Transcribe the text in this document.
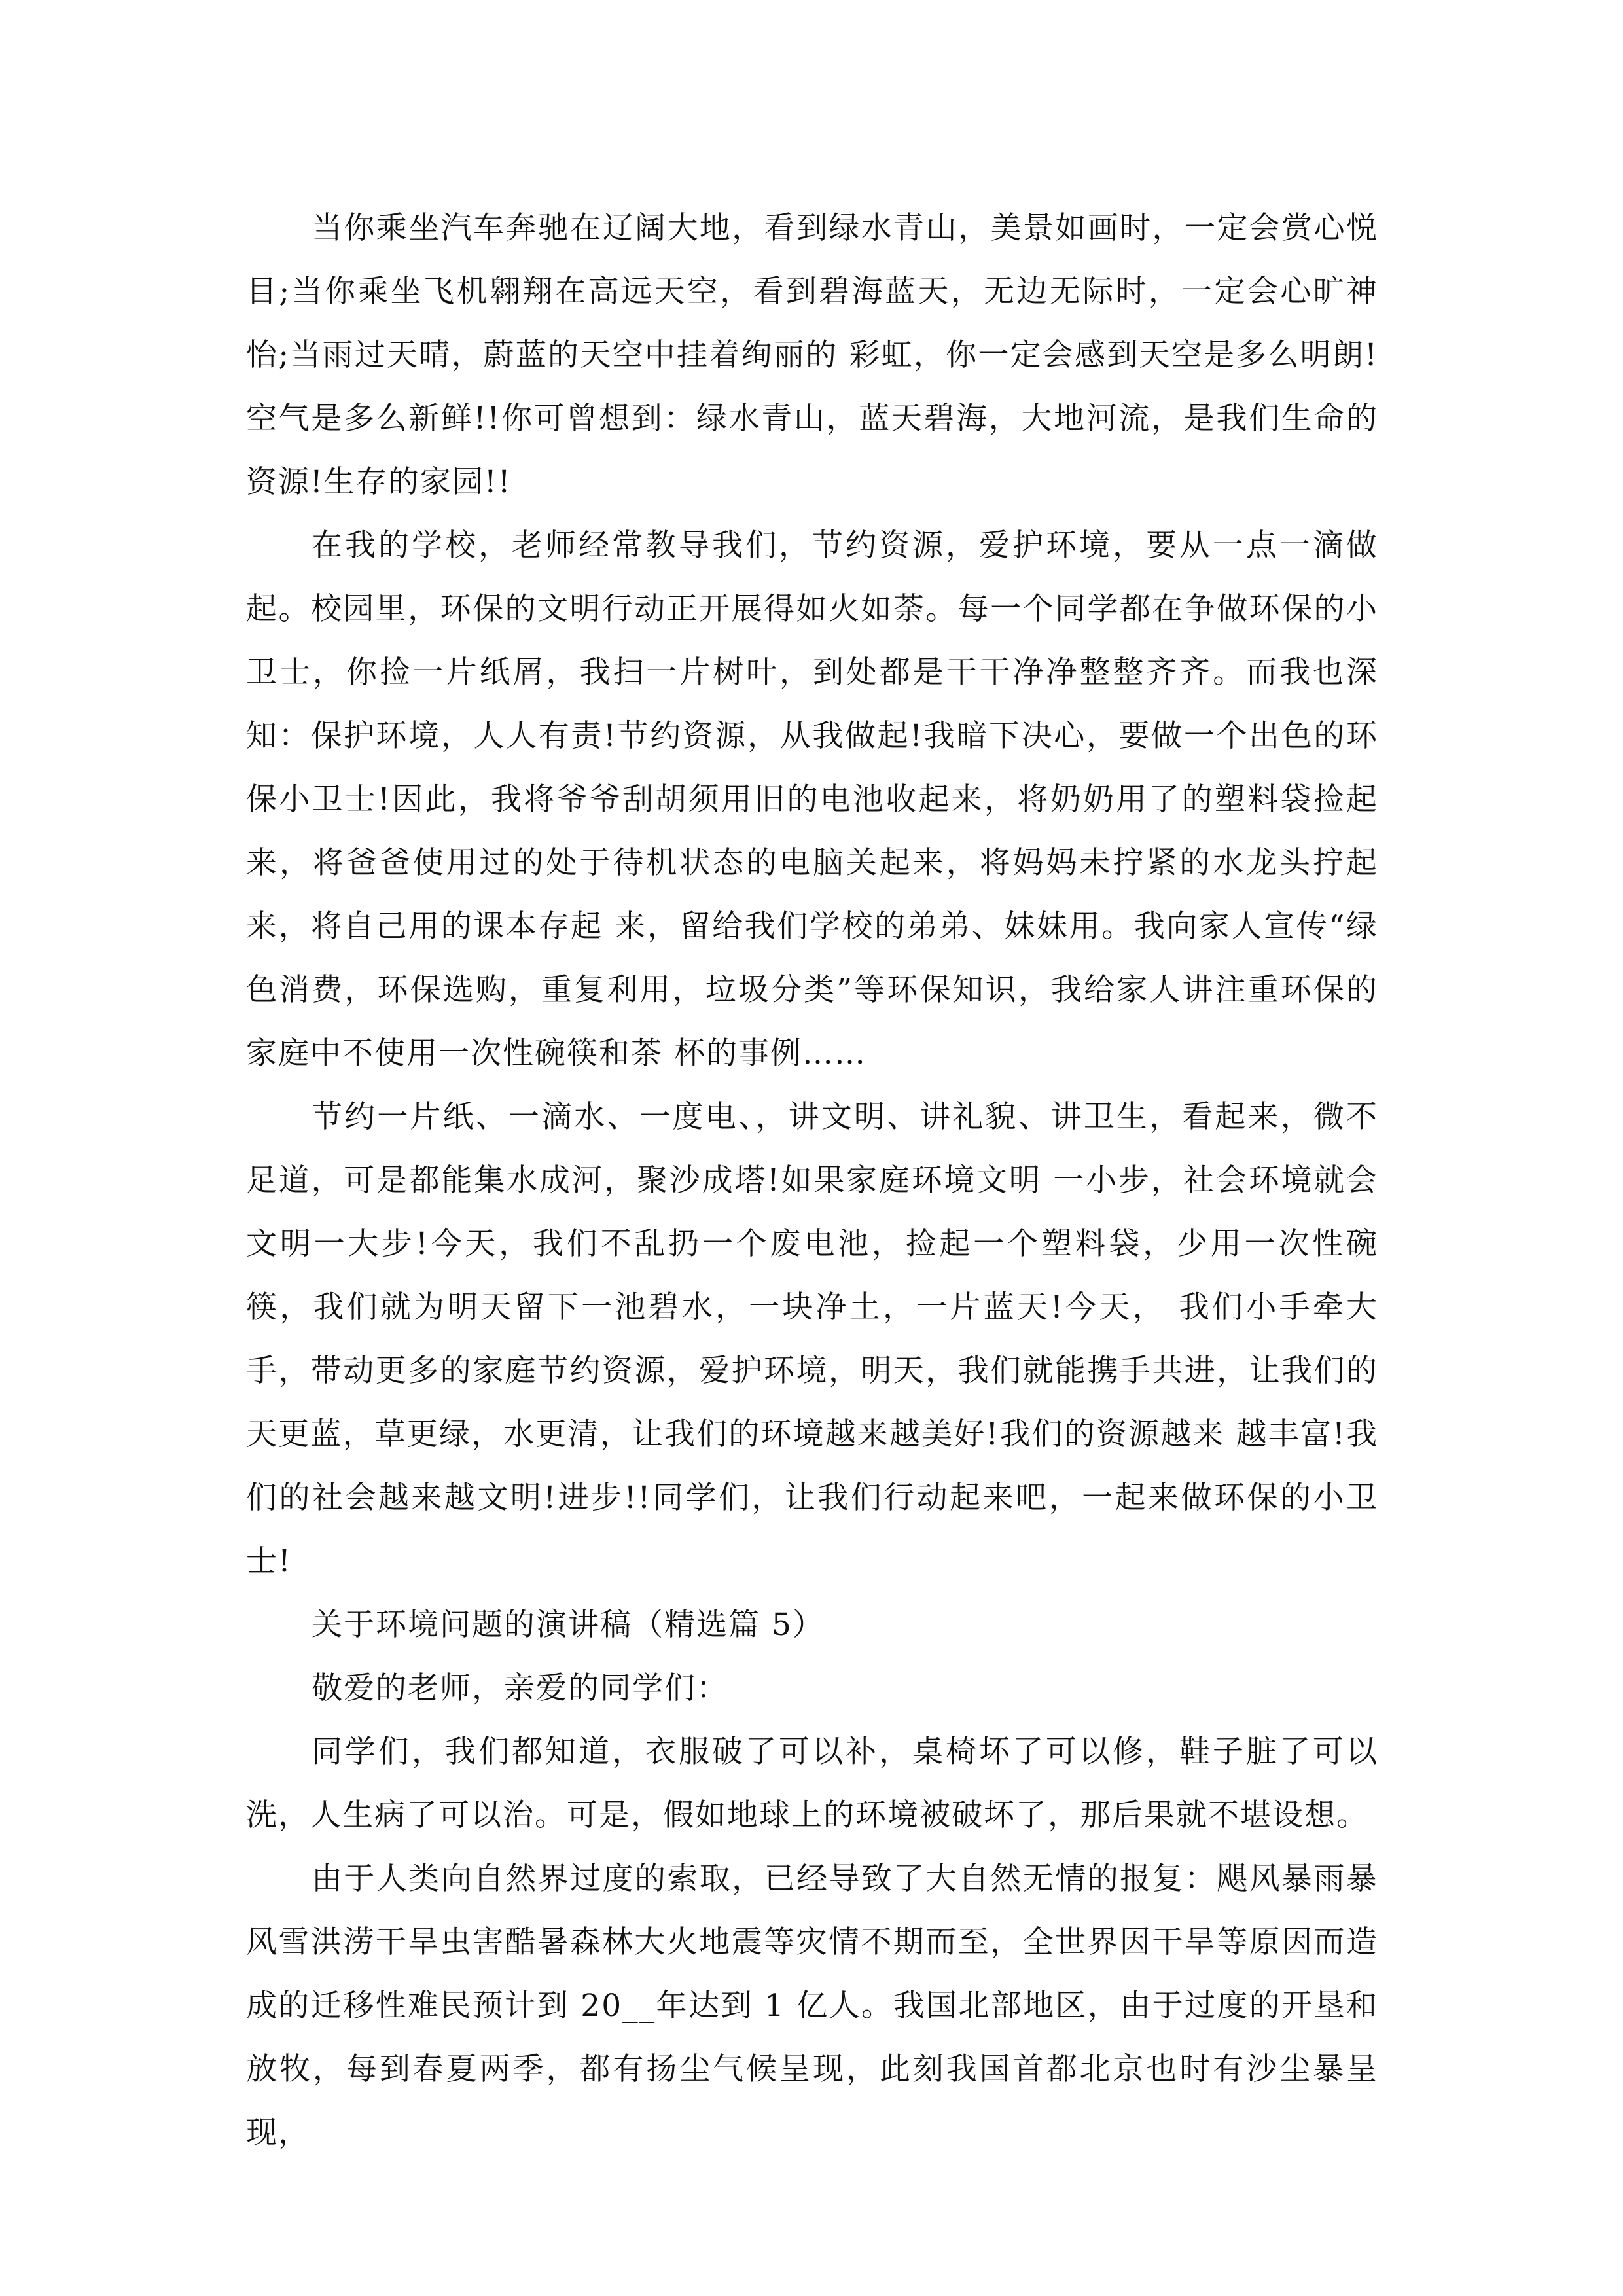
当你乘坐汽车奔驰在辽阔大地，看到绿水青山，美景如画时，一定会赏心悦目;当你乘坐飞机翱翔在高远天空，看到碧海蓝天，无边无际时，一定会心旷神怡;当雨过天晴，蔚蓝的天空中挂着绚丽的 彩虹，你一定会感到天空是多么明朗!空气是多么新鲜!!你可曾想到：绿水青山，蓝天碧海，大地河流，是我们生命的资源!生存的家园!!

在我的学校，老师经常教导我们，节约资源，爱护环境，要从一点一滴做起。校园里，环保的文明行动正开展得如火如荼。每一个同学都在争做环保的小卫士，你捡一片纸屑，我扫一片树叶，到处都是干干净净整整齐齐。而我也深知：保护环境，人人有责!节约资源，从我做起!我暗下决心，要做一个出色的环保小卫士!因此，我将爷爷刮胡须用旧的电池收起来，将奶奶用了的塑料袋捡起来，将爸爸使用过的处于待机状态的电脑关起来，将妈妈未拧紧的水龙头拧起来，将自己用的课本存起 来，留给我们学校的弟弟、妹妹用。我向家人宣传“绿色消费，环保选购，重复利用，垃圾分类”等环保知识，我给家人讲注重环保的家庭中不使用一次性碗筷和茶 杯的事例……

节约一片纸、一滴水、一度电、，讲文明、讲礼貌、讲卫生，看起来，微不足道，可是都能集水成河，聚沙成塔!如果家庭环境文明 一小步，社会环境就会文明一大步!今天，我们不乱扔一个废电池，捡起一个塑料袋，少用一次性碗筷，我们就为明天留下一池碧水，一块净土，一片蓝天!今天， 我们小手牵大手，带动更多的家庭节约资源，爱护环境，明天，我们就能携手共进，让我们的天更蓝，草更绿，水更清，让我们的环境越来越美好!我们的资源越来 越丰富!我们的社会越来越文明!进步!!同学们，让我们行动起来吧，一起来做环保的小卫士!

关于环境问题的演讲稿（精选篇 5）

敬爱的老师，亲爱的同学们：

同学们，我们都知道，衣服破了可以补，桌椅坏了可以修，鞋子脏了可以洗，人生病了可以治。可是，假如地球上的环境被破坏了，那后果就不堪设想。

由于人类向自然界过度的索取，已经导致了大自然无情的报复：飓风暴雨暴风雪洪涝干旱虫害酷暑森林大火地震等灾情不期而至，全世界因干旱等原因而造成的迁移性难民预计到 20__年达到 1 亿人。我国北部地区，由于过度的开垦和放牧，每到春夏两季，都有扬尘气候呈现，此刻我国首都北京也时有沙尘暴呈现，
